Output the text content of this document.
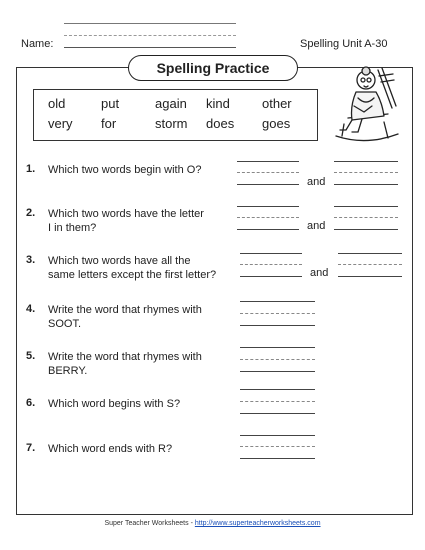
Name:	Spelling Unit A-30
Spelling Practice
old	put	again kind other
very for	storm does goes
1. Which two words begin with O?
and
2. Which two words have the letter
I in them?	and
3. Which two words have all the
same letters except the first letter?	and
4. Write the word that rhymes with
SOOT.
5. Write the word that rhymes with
BERRY.
6. Which word begins with S?
7. Which word ends with R?
Super Teacher Worksheets - http://www.superteacherworksheets.com
